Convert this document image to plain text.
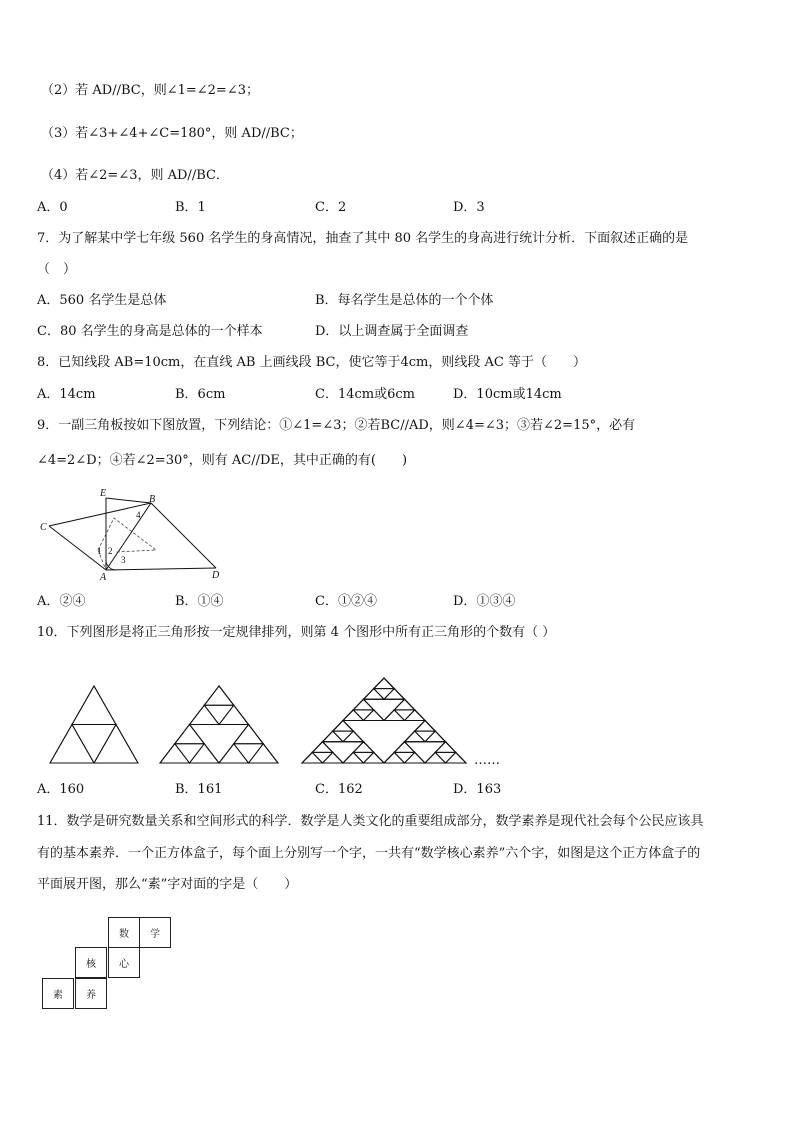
（2）若 AD//BC，则∠1=∠2=∠3；
（3）若∠3+∠4+∠C=180°，则 AD//BC；
（4）若∠2=∠3，则 AD//BC．
A．0	B．1	C．2	D．3
7．为了解某中学七年级 560 名学生的身高情况，抽查了其中 80 名学生的身高进行统计分析．下面叙述正确的是
（　）
A．560 名学生是总体	B．每名学生是总体的一个个体
C．80 名学生的身高是总体的一个样本	D．以上调查属于全面调查
8．已知线段 AB=10cm，在直线 AB 上画线段 BC，使它等于4cm，则线段 AC 等于（　　）
A．14cm	B．6cm	C．14cm或6cm	D．10cm或14cm
9．一副三角板按如下图放置，下列结论：①∠1=∠3；②若BC//AD，则∠4=∠3；③若∠2=15°，必有
∠4=2∠D；④若∠2=30°，则有 AC//DE，其中正确的有(　　)
E
B
C
A	D
1 2
3
4
A．②④	B．①④	C．①②④	D．①③④
10．下列图形是将正三角形按一定规律排列，则第 4 个图形中所有正三角形的个数有（ ）
……
A．160	B．161	C．162	D．163
11．数学是研究数量关系和空间形式的科学．数学是人类文化的重要组成部分，数学素养是现代社会每个公民应该具
有的基本素养．一个正方体盒子，每个面上分别写一个字，一共有“数学核心素养”六个字，如图是这个正方体盒子的
平面展开图，那么“素”字对面的字是（　　）
数	学
核	心
素	养
